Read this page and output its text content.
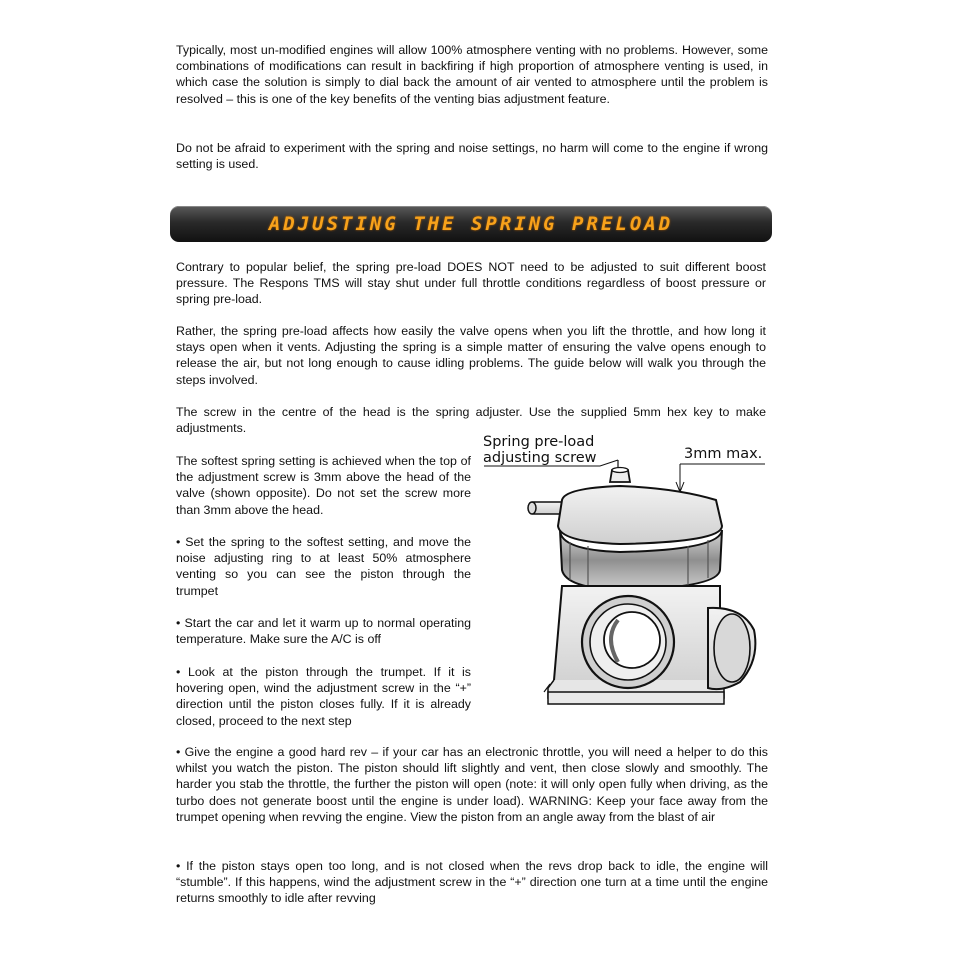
Typically, most un-modified engines will allow 100% atmosphere venting with no problems. However, some combinations of modifications can result in backfiring if high proportion of atmosphere venting is used, in which case the solution is simply to dial back the amount of air vented to atmosphere until the problem is resolved – this is one of the key benefits of the venting bias adjustment feature.

Do not be afraid to experiment with the spring and noise settings, no harm will come to the engine if wrong setting is used.

ADJUSTING THE SPRING PRELOAD

Contrary to popular belief, the spring pre-load DOES NOT need to be adjusted to suit different boost pressure. The Respons TMS will stay shut under full throttle conditions regardless of boost pressure or spring pre-load.

Rather, the spring pre-load affects how easily the valve opens when you lift the throttle, and how long it stays open when it vents. Adjusting the spring is a simple matter of ensuring the valve opens enough to release the air, but not long enough to cause idling problems. The guide below will walk you through the steps involved.

The screw in the centre of the head is the spring adjuster. Use the supplied 5mm hex key to make adjustments.

The softest spring setting is achieved when the top of the adjustment screw is 3mm above the head of the valve (shown opposite). Do not set the screw more than 3mm above the head.

• Set the spring to the softest setting, and move the noise adjusting ring to at least 50% atmosphere venting so you can see the piston through the trumpet

• Start the car and let it warm up to normal operating temperature. Make sure the A/C is off

• Look at the piston through the trumpet. If it is hovering open, wind the adjustment screw in the “+” direction until the piston closes fully. If it is already closed, proceed to the next step

• Give the engine a good hard rev – if your car has an electronic throttle, you will need a helper to do this whilst you watch the piston. The piston should lift slightly and vent, then close slowly and smoothly. The harder you stab the throttle, the further the piston will open (note: it will only open fully when driving, as the turbo does not generate boost until the engine is under load). WARNING: Keep your face away from the trumpet opening when revving the engine. View the piston from an angle away from the blast of air

• If the piston stays open too long, and is not closed when the revs drop back to idle, the engine will “stumble”. If this happens, wind the adjustment screw in the “+” direction one turn at a time until the engine returns smoothly to idle after revving

Spring pre-load

adjusting screw	3mm max.
